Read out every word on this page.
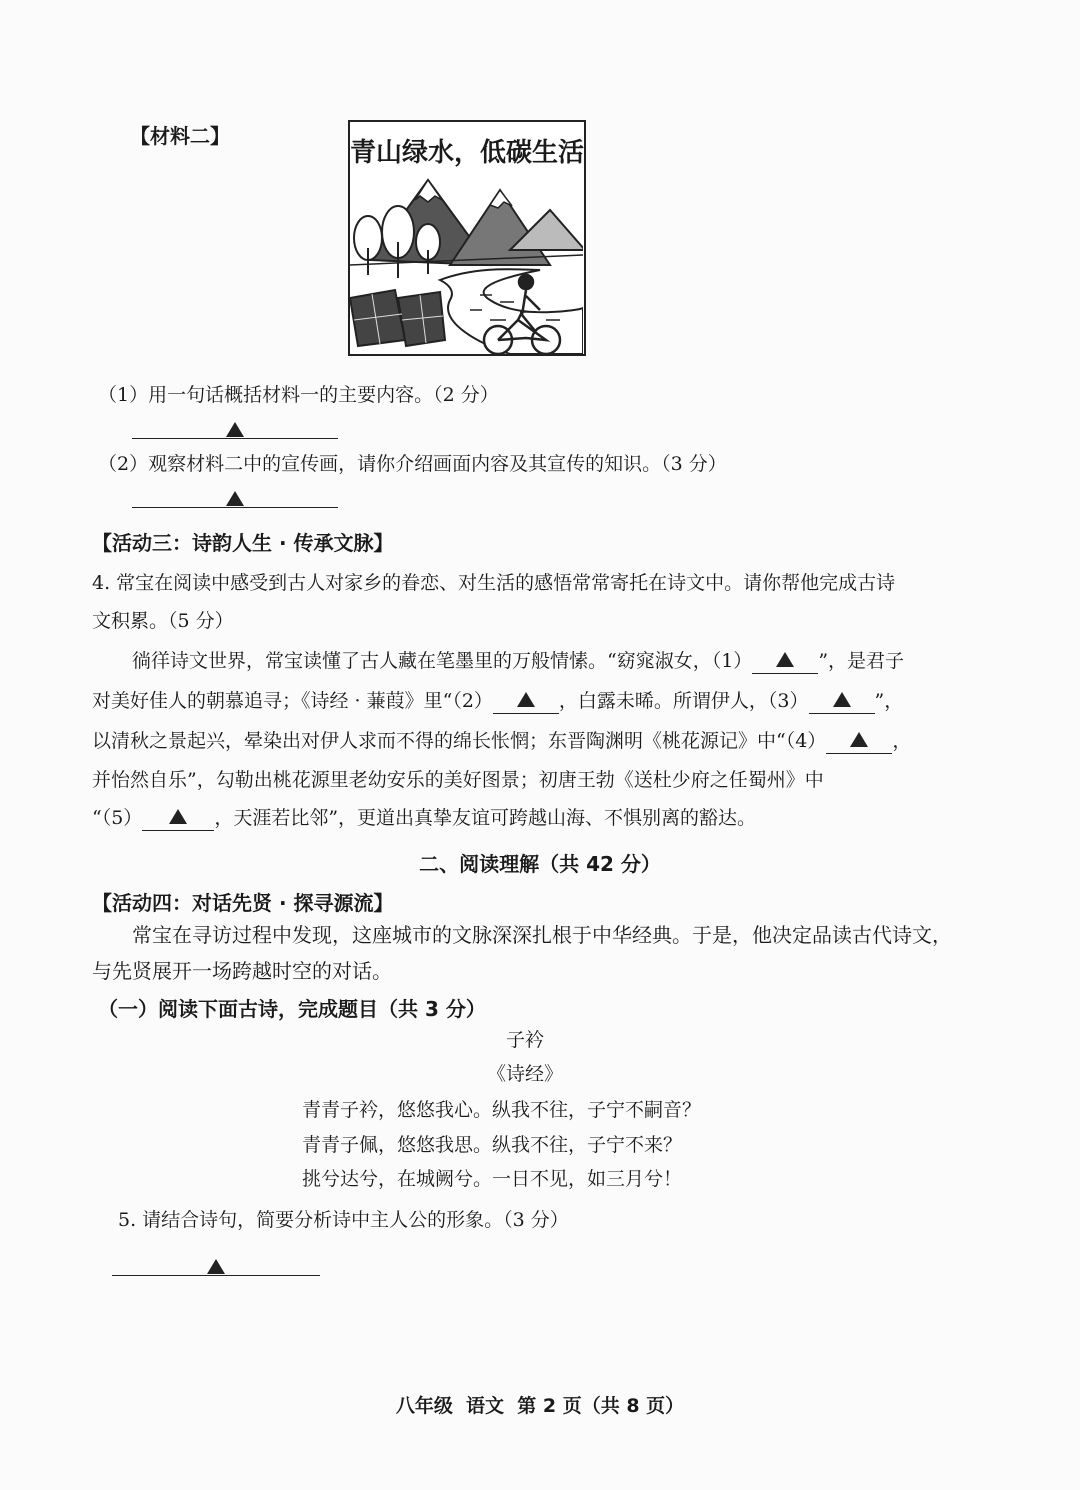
【材料二】
青山绿水，低碳生活
（1）用一句话概括材料一的主要内容。（2 分）
（2）观察材料二中的宣传画，请你介绍画面内容及其宣传的知识。（3 分）
【活动三：诗韵人生 · 传承文脉】
4. 常宝在阅读中感受到古人对家乡的眷恋、对生活的感悟常常寄托在诗文中。请你帮他完成古诗
文积累。（5 分）
徜徉诗文世界，常宝读懂了古人藏在笔墨里的万般情愫。“窈窕淑女，（1）	”，是君子
对美好佳人的朝慕追寻；《诗经 · 蒹葭》里“（2）	，白露未晞。所谓伊人，（3）	”，
以清秋之景起兴，晕染出对伊人求而不得的绵长怅惘；东晋陶渊明《桃花源记》中“（4）	，
并怡然自乐”，勾勒出桃花源里老幼安乐的美好图景；初唐王勃《送杜少府之任蜀州》中
“（5）	，天涯若比邻”，更道出真挚友谊可跨越山海、不惧别离的豁达。
二、阅读理解（共 42 分）
【活动四：对话先贤 · 探寻源流】
常宝在寻访过程中发现，这座城市的文脉深深扎根于中华经典。于是，他决定品读古代诗文，
与先贤展开一场跨越时空的对话。
（一）阅读下面古诗，完成题目（共 3 分）
子衿
《诗经》
青青子衿，悠悠我心。纵我不往，子宁不嗣音？
青青子佩，悠悠我思。纵我不往，子宁不来？
挑兮达兮，在城阙兮。一日不见，如三月兮！
5. 请结合诗句，简要分析诗中主人公的形象。（3 分）
八年级  语文  第 2 页（共 8 页）
